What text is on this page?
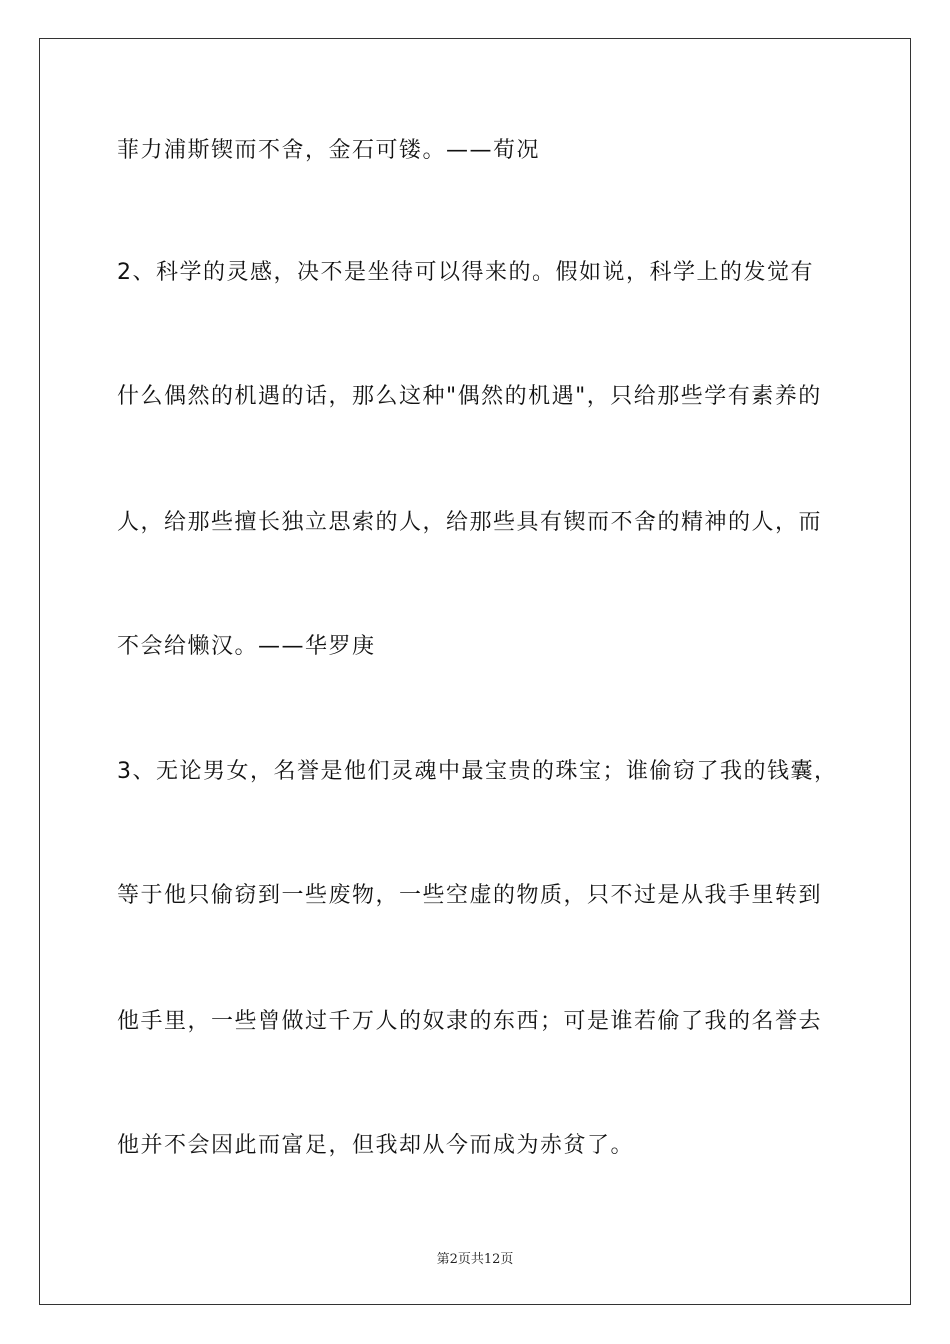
菲力浦斯锲而不舍，金石可镂。——荀况
2、科学的灵感，决不是坐待可以得来的。假如说，科学上的发觉有
什么偶然的机遇的话，那么这种"偶然的机遇"，只给那些学有素养的
人，给那些擅长独立思索的人，给那些具有锲而不舍的精神的人，而
不会给懒汉。——华罗庚
3、无论男女，名誉是他们灵魂中最宝贵的珠宝；谁偷窃了我的钱囊，
等于他只偷窃到一些废物，一些空虚的物质，只不过是从我手里转到
他手里，一些曾做过千万人的奴隶的东西；可是谁若偷了我的名誉去
他并不会因此而富足，但我却从今而成为赤贫了。
第2页共12页
